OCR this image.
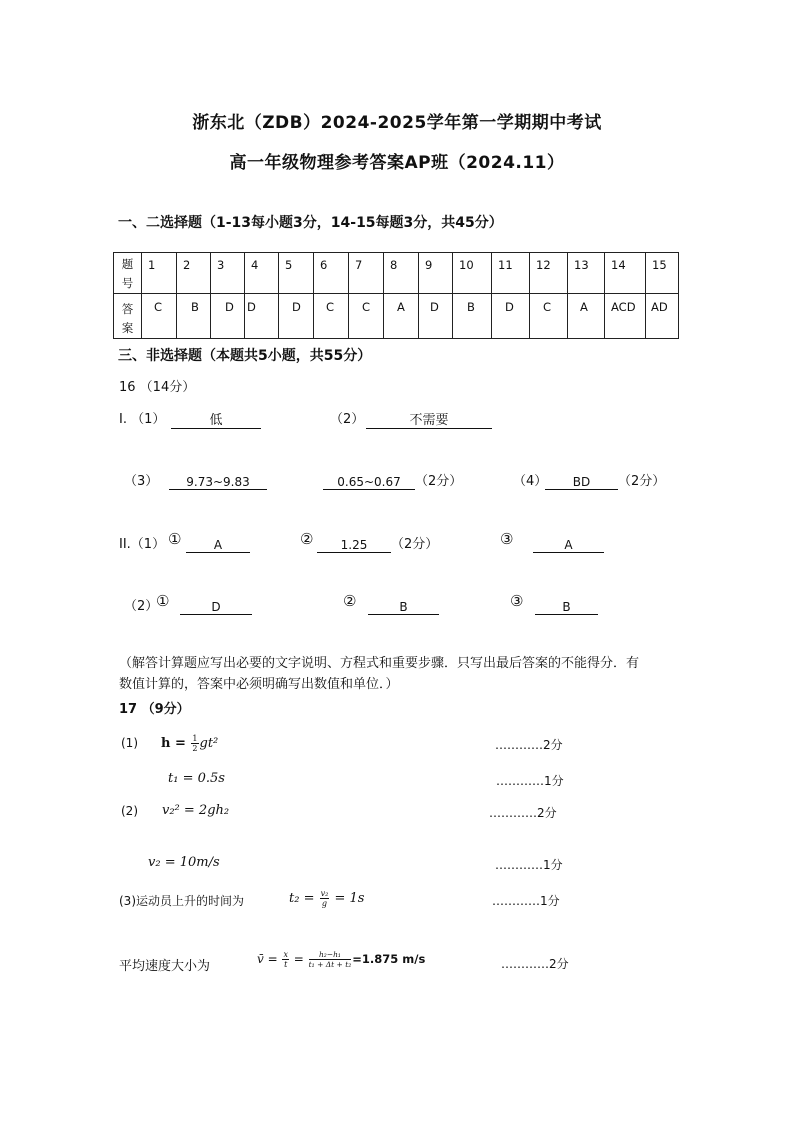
浙东北（ZDB）2024-2025学年第一学期期中考试
高一年级物理参考答案AP班（2024.11）
一、二选择题（1-13每小题3分，14-15每题3分，共45分）
题
号	1	2	3	4	5	6	7	8	9	10	11	12	13	14	15

答
案	C	B	D	D	D	C	C	A	D	B	D	C	A	ACD	AD
三、非选择题（本题共5小题，共55分）
16 （14分）
I. （1）	低	（2）	不需要
（3）	9.73~9.83	0.65~0.67	（2分）	（4）	BD	（2分）
II.（1） ①	A	②	1.25	（2分）	③	A
（2）
①	D	②	B	③	B
（解答计算题应写出必要的文字说明、方程式和重要步骤．只写出最后答案的不能得分．有
数值计算的，答案中必须明确写出数值和单位．）
17 （9分）
(1) $h = \frac{1}{2} gt^2$	…………2分
t₁ = 0.5s	…………1分
(2) v₂² = 2gh₂	…………2分
v₂ = 10m/s	…………1分
(3)运动员上升的时间为	$t_2 = \frac{\text{v₂}}{g} = 1s$	…………1分
平均速度大小为	v̄ = $\frac{x}{t} = \frac{\text{h₂−h₁}}{\text{t₁ + Δt + t₂}} =1.875$ m/s	…………2分
